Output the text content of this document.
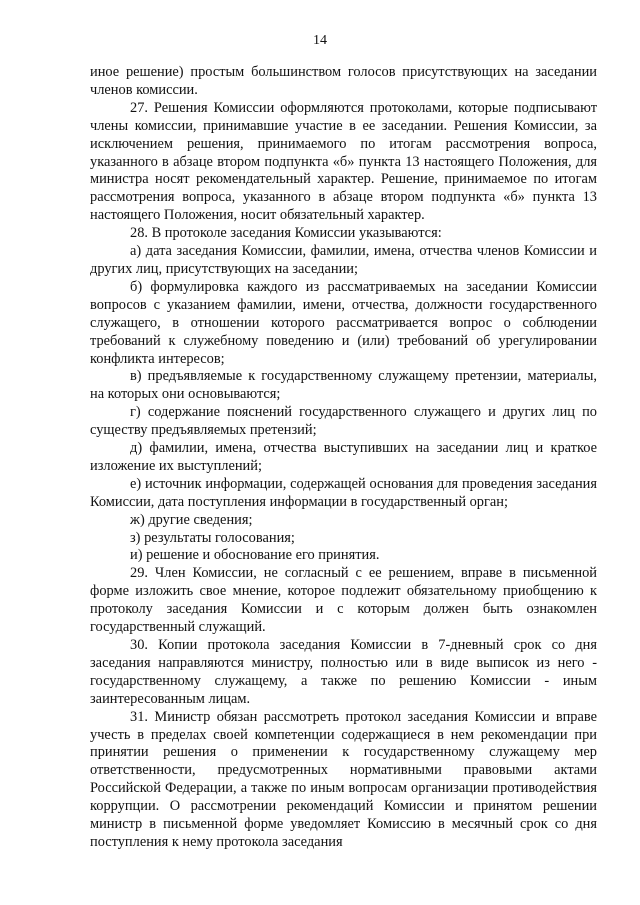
14

иное решение) простым большинством голосов присутствующих на заседании членов комиссии.

27. Решения Комиссии оформляются протоколами, которые подписывают члены комиссии, принимавшие участие в ее заседании. Решения Комиссии, за исключением решения, принимаемого по итогам рассмотрения вопроса, указанного в абзаце втором подпункта «б» пункта 13 настоящего Положения, для министра носят рекомендательный характер. Решение, принимаемое по итогам рассмотрения вопроса, указанного в абзаце втором подпункта «б» пункта 13 настоящего Положения, носит обязательный характер.

28. В протоколе заседания Комиссии указываются:

а) дата заседания Комиссии, фамилии, имена, отчества членов Комиссии и других лиц, присутствующих на заседании;

б) формулировка каждого из рассматриваемых на заседании Комиссии вопросов с указанием фамилии, имени, отчества, должности государственного служащего, в отношении которого рассматривается вопрос о соблюдении требований к служебному поведению и (или) требований об урегулировании конфликта интересов;

в) предъявляемые к государственному служащему претензии, материалы, на которых они основываются;

г) содержание пояснений государственного служащего и других лиц по существу предъявляемых претензий;

д) фамилии, имена, отчества выступивших на заседании лиц и краткое изложение их выступлений;

е) источник информации, содержащей основания для проведения заседания Комиссии, дата поступления информации в государственный орган;

ж) другие сведения;

з) результаты голосования;

и) решение и обоснование его принятия.

29. Член Комиссии, не согласный с ее решением, вправе в письменной форме изложить свое мнение, которое подлежит обязательному приобщению к протоколу заседания Комиссии и с которым должен быть ознакомлен государственный служащий.

30. Копии протокола заседания Комиссии в 7-дневный срок со дня заседания направляются министру, полностью или в виде выписок из него - государственному служащему, а также по решению Комиссии - иным заинтересованным лицам.

31. Министр обязан рассмотреть протокол заседания Комиссии и вправе учесть в пределах своей компетенции содержащиеся в нем рекомендации при принятии решения о применении к государственному служащему мер ответственности, предусмотренных нормативными правовыми актами Российской Федерации, а также по иным вопросам организации противодействия коррупции. О рассмотрении рекомендаций Комиссии и принятом решении министр в письменной форме уведомляет Комиссию в месячный срок со дня поступления к нему протокола заседания
